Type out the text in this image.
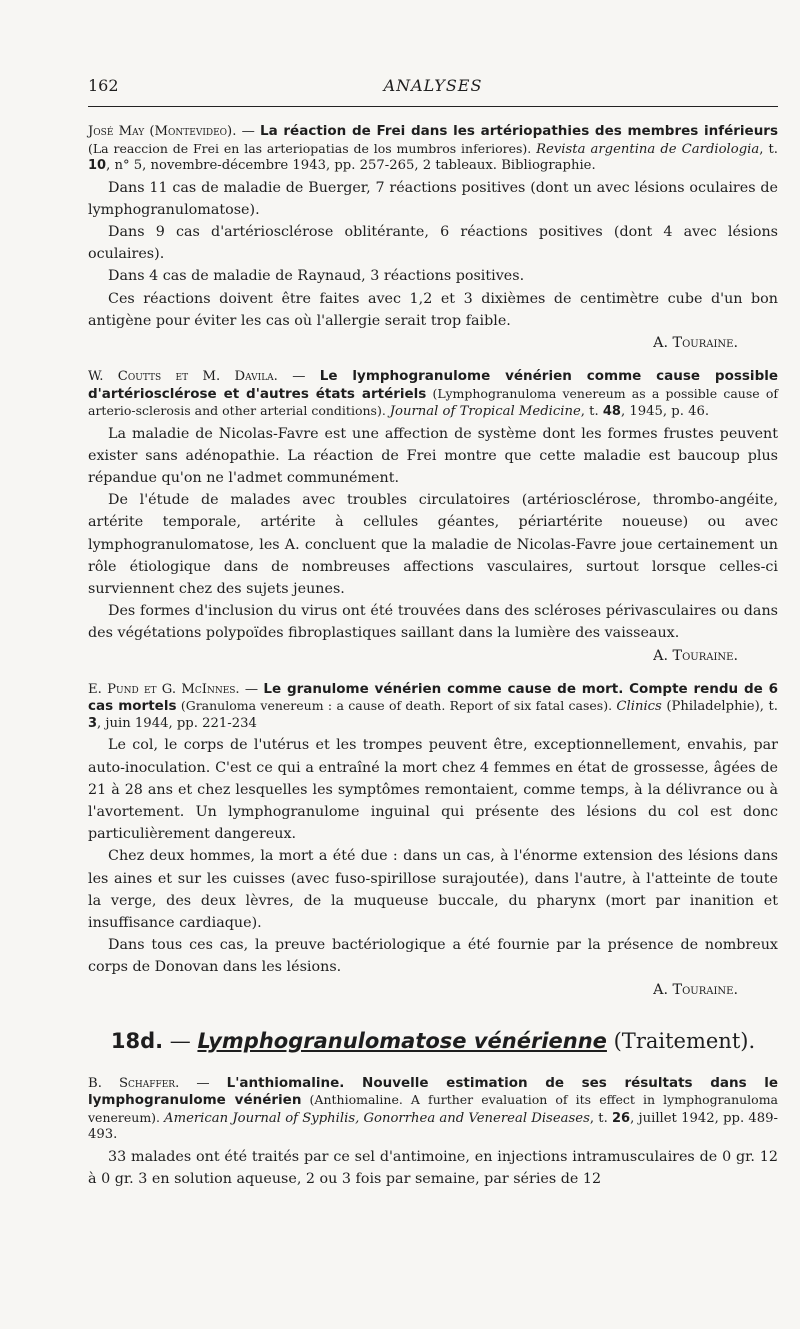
162	ANALYSES

José May (Montevideo). — La réaction de Frei dans les artériopathies des membres inférieurs (La reaccion de Frei en las arteriopatias de los mumbros inferiores). Revista argentina de Cardiologia, t. 10, n° 5, novembre-décembre 1943, pp. 257-265, 2 tableaux. Bibliographie.

Dans 11 cas de maladie de Buerger, 7 réactions positives (dont un avec lésions oculaires de lymphogranulomatose).

Dans 9 cas d'artériosclérose oblitérante, 6 réactions positives (dont 4 avec lésions oculaires).

Dans 4 cas de maladie de Raynaud, 3 réactions positives.

Ces réactions doivent être faites avec 1,2 et 3 dixièmes de centimètre cube d'un bon antigène pour éviter les cas où l'allergie serait trop faible.

A. Touraine.

W. Coutts et M. Davila. — Le lymphogranulome vénérien comme cause possible d'artériosclérose et d'autres états artériels (Lymphogranuloma venereum as a possible cause of arterio-sclerosis and other arterial conditions). Journal of Tropical Medicine, t. 48, 1945, p. 46.

La maladie de Nicolas-Favre est une affection de système dont les formes frustes peuvent exister sans adénopathie. La réaction de Frei montre que cette maladie est baucoup plus répandue qu'on ne l'admet communément.

De l'étude de malades avec troubles circulatoires (artériosclérose, thrombo-angéite, artérite temporale, artérite à cellules géantes, périartérite noueuse) ou avec lymphogranulomatose, les A. concluent que la maladie de Nicolas-Favre joue certainement un rôle étiologique dans de nombreuses affections vasculaires, surtout lorsque celles-ci surviennent chez des sujets jeunes.

Des formes d'inclusion du virus ont été trouvées dans des scléroses périvasculaires ou dans des végétations polypoïdes fibroplastiques saillant dans la lumière des vaisseaux.

A. Touraine.

E. Pund et G. McInnes. — Le granulome vénérien comme cause de mort. Compte rendu de 6 cas mortels (Granuloma venereum : a cause of death. Report of six fatal cases). Clinics (Philadelphie), t. 3, juin 1944, pp. 221-234

Le col, le corps de l'utérus et les trompes peuvent être, exceptionnellement, envahis, par auto-inoculation. C'est ce qui a entraîné la mort chez 4 femmes en état de grossesse, âgées de 21 à 28 ans et chez lesquelles les symptômes remontaient, comme temps, à la délivrance ou à l'avortement. Un lymphogranulome inguinal qui présente des lésions du col est donc particulièrement dangereux.

Chez deux hommes, la mort a été due : dans un cas, à l'énorme extension des lésions dans les aines et sur les cuisses (avec fuso-spirillose surajoutée), dans l'autre, à l'atteinte de toute la verge, des deux lèvres, de la muqueuse buccale, du pharynx (mort par inanition et insuffisance cardiaque).

Dans tous ces cas, la preuve bactériologique a été fournie par la présence de nombreux corps de Donovan dans les lésions.

A. Touraine.

18d. — Lymphogranulomatose vénérienne (Traitement).

B. Schaffer. — L'anthiomaline. Nouvelle estimation de ses résultats dans le lymphogranulome vénérien (Anthiomaline. A further evaluation of its effect in lymphogranuloma venereum). American Journal of Syphilis, Gonorrhea and Venereal Diseases, t. 26, juillet 1942, pp. 489-493.

33 malades ont été traités par ce sel d'antimoine, en injections intramusculaires de 0 gr. 12 à 0 gr. 3 en solution aqueuse, 2 ou 3 fois par semaine, par séries de 12
